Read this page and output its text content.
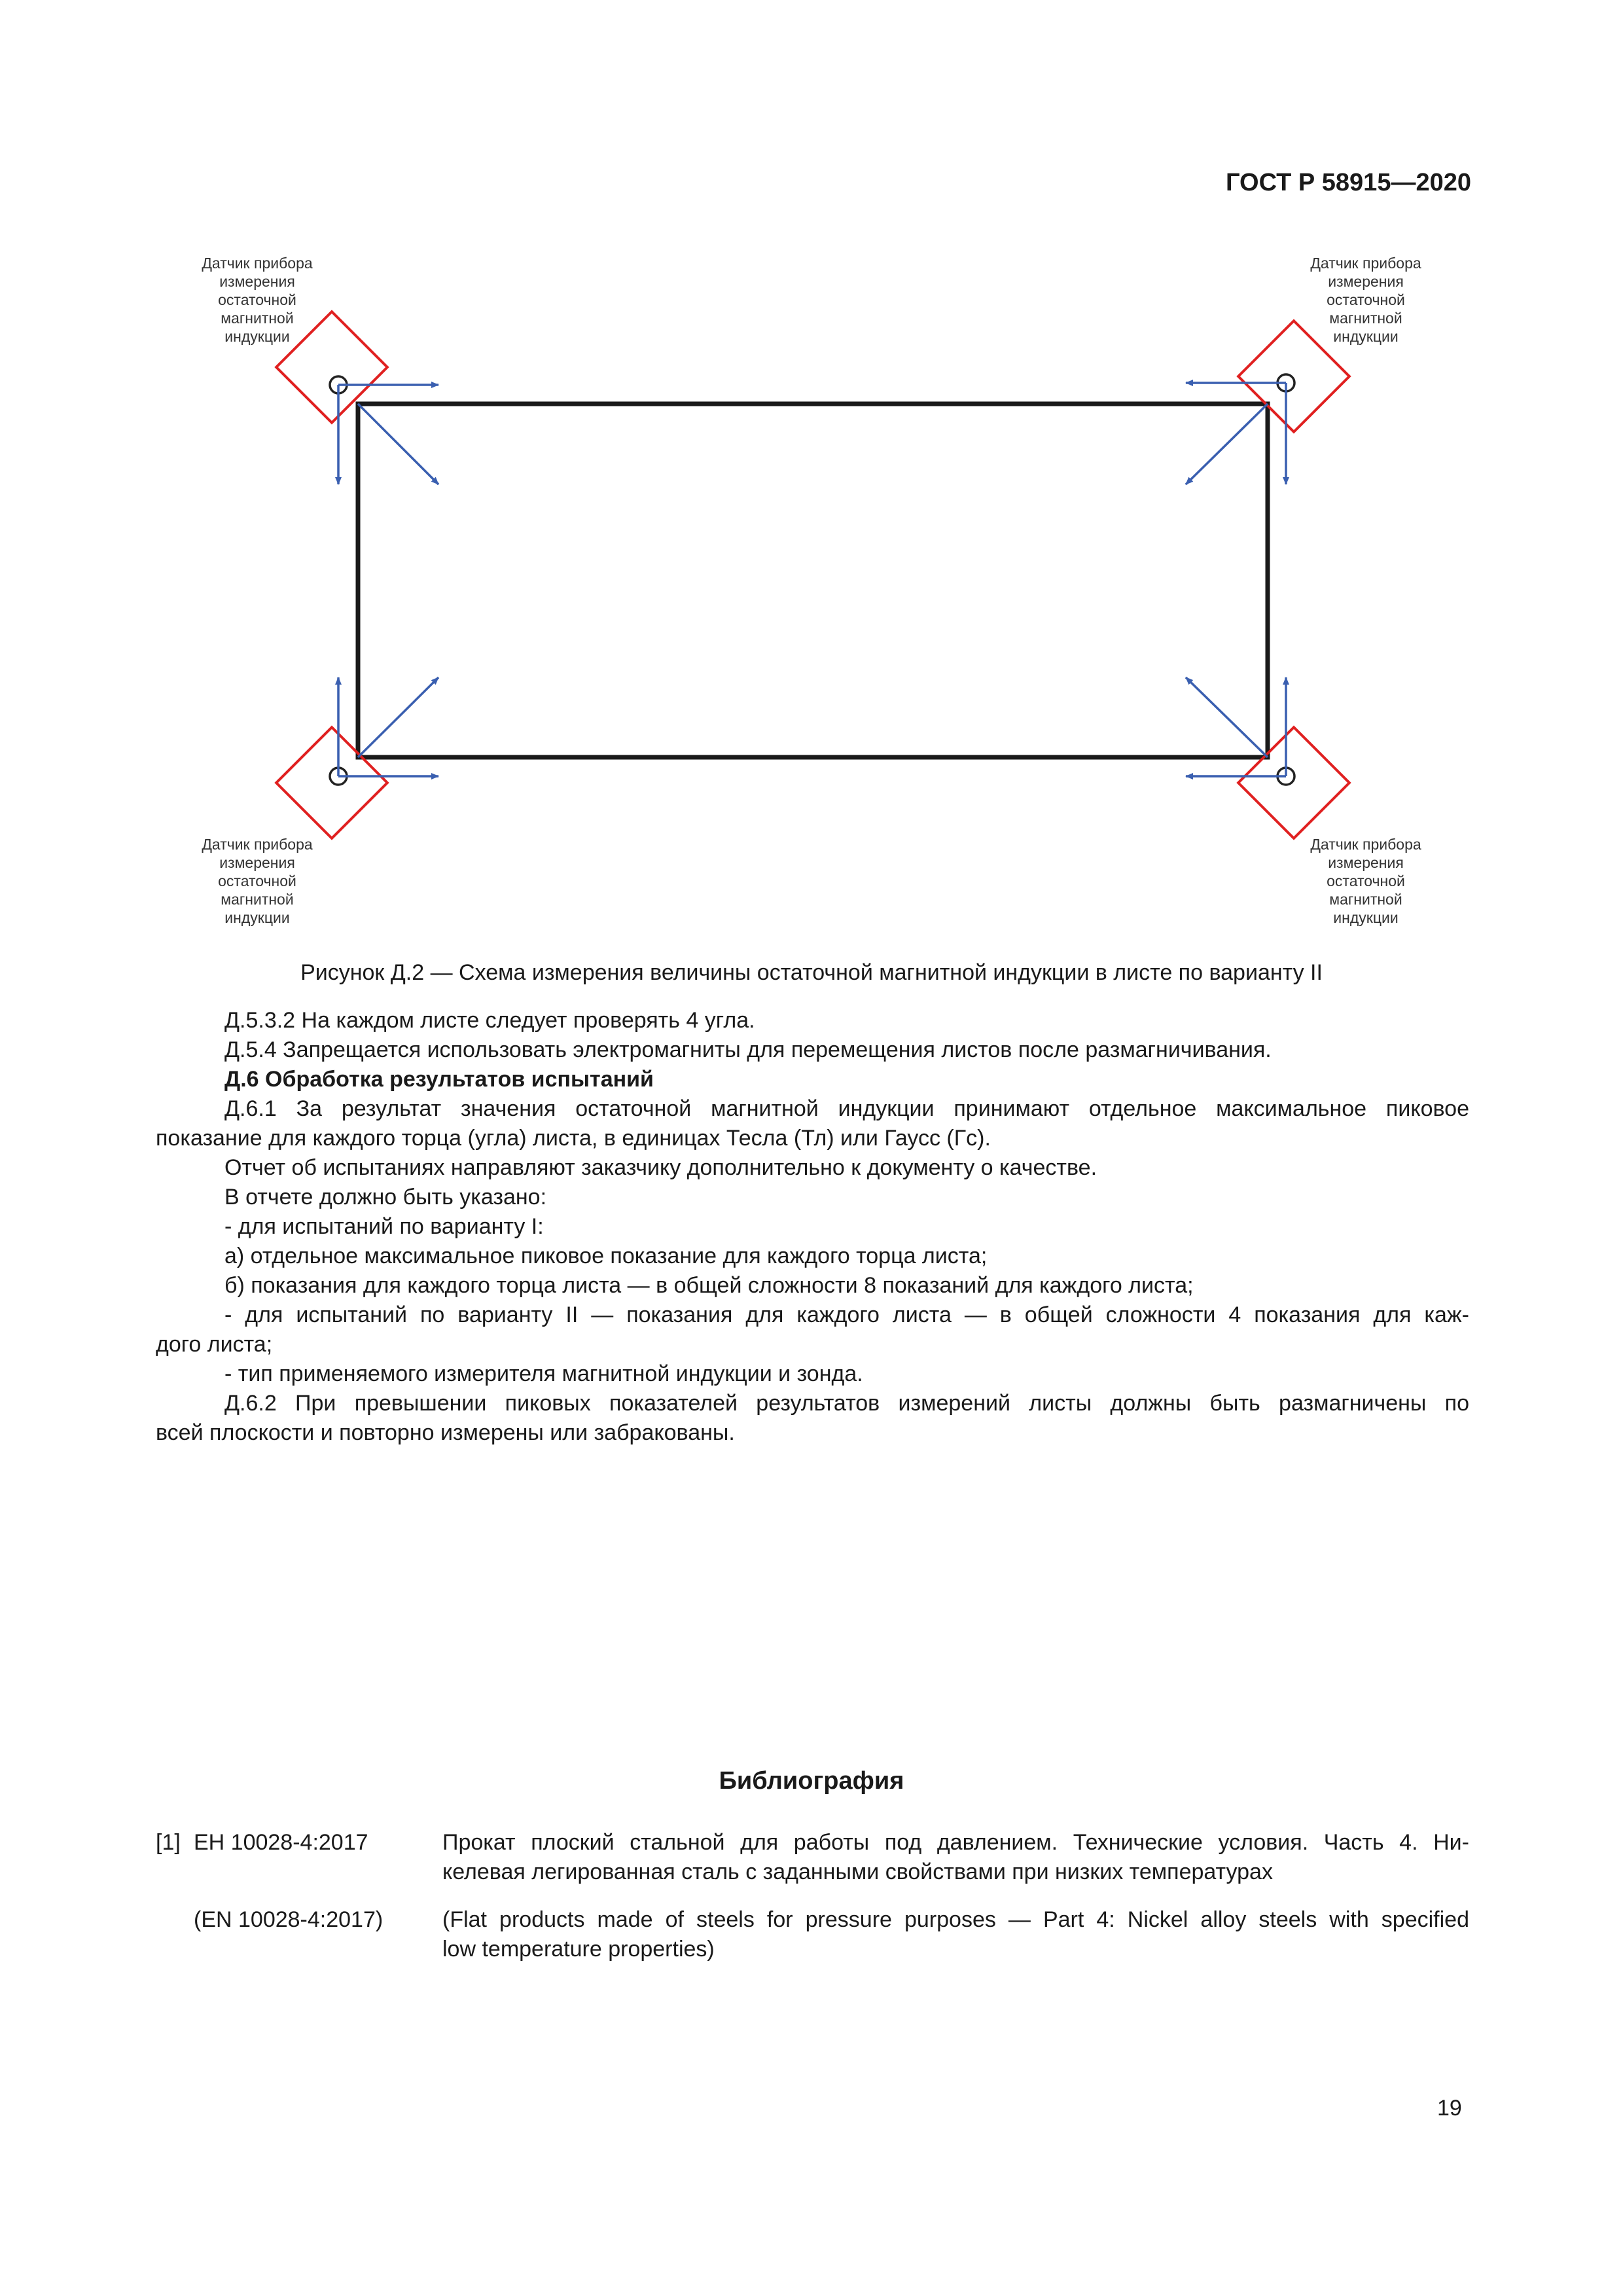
ГОСТ Р 58915—2020
Датчик прибора
измерения
остаточной
магнитной
индукции
Датчик прибора
измерения
остаточной
магнитной
индукции
Датчик прибора
измерения
остаточной
магнитной
индукции
Датчик прибора
измерения
остаточной
магнитной
индукции
Рисунок Д.2 — Схема измерения величины остаточной магнитной индукции в листе по варианту II

Д.5.3.2 На каждом листе следует проверять 4 угла.

Д.5.4 Запрещается использовать электромагниты для перемещения листов после размагничивания.

Д.6 Обработка результатов испытаний

Д.6.1 За результат значения остаточной магнитной индукции принимают отдельное максимальное пиковое

показание для каждого торца (угла) листа, в единицах Тесла (Тл) или Гаусс (Гс).

Отчет об испытаниях направляют заказчику дополнительно к документу о качестве.

В отчете должно быть указано:

- для испытаний по варианту I:

а) отдельное максимальное пиковое показание для каждого торца листа;

б) показания для каждого торца листа — в общей сложности 8 показаний для каждого листа;

- для испытаний по варианту II — показания для каждого листа — в общей сложности 4 показания для каж-

дого листа;

- тип применяемого измерителя магнитной индукции и зонда.

Д.6.2 При превышении пиковых показателей результатов измерений листы должны быть размагничены по

всей плоскости и повторно измерены или забракованы.

Библиография
[1] ЕН 10028-4:2017	Прокат плоский стальной для работы под давлением. Технические условия. Часть 4. Ни-
келевая легированная сталь с заданными свойствами при низких температурах
(EN 10028-4:2017)	(Flat products made of steels for pressure purposes — Part 4: Nickel alloy steels with specified
low temperature properties)
19
